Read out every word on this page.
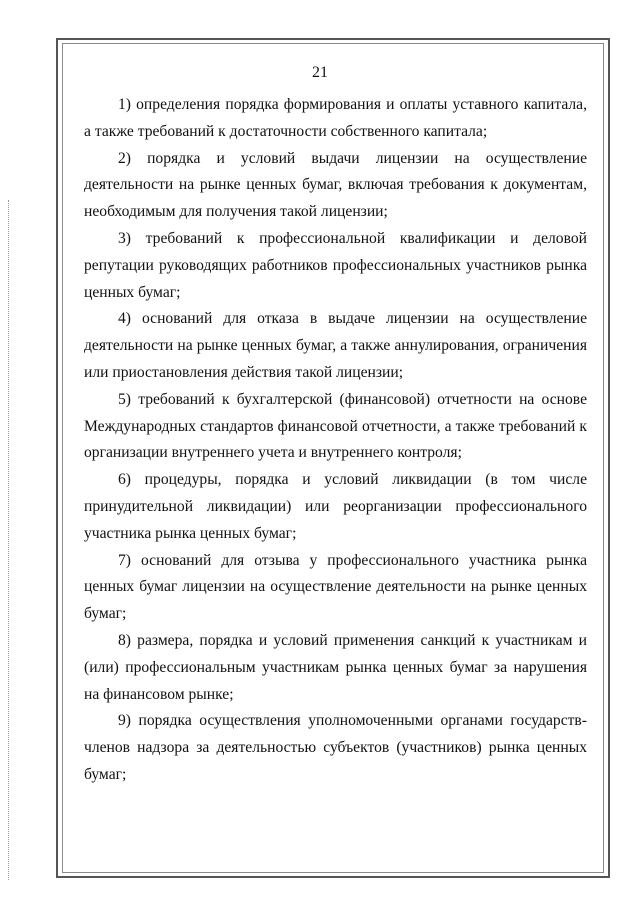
21

1) определения порядка формирования и оплаты уставного капитала, а также требований к достаточности собственного капитала;

2) порядка и условий выдачи лицензии на осуществление деятельности на рынке ценных бумаг, включая требования к документам, необходимым для получения такой лицензии;

3) требований к профессиональной квалификации и деловой репутации руководящих работников профессиональных участников рынка ценных бумаг;

4) оснований для отказа в выдаче лицензии на осуществление деятельности на рынке ценных бумаг, а также аннулирования, ограничения или приостановления действия такой лицензии;

5) требований к бухгалтерской (финансовой) отчетности на основе Международных стандартов финансовой отчетности, а также требований к организации внутреннего учета и внутреннего контроля;

6) процедуры, порядка и условий ликвидации (в том числе принудительной ликвидации) или реорганизации профессионального участника рынка ценных бумаг;

7) оснований для отзыва у профессионального участника рынка ценных бумаг лицензии на осуществление деятельности на рынке ценных бумаг;

8) размера, порядка и условий применения санкций к участникам и (или) профессиональным участникам рынка ценных бумаг за нарушения на финансовом рынке;

9) порядка осуществления уполномоченными органами государств-членов надзора за деятельностью субъектов (участников) рынка ценных бумаг;
